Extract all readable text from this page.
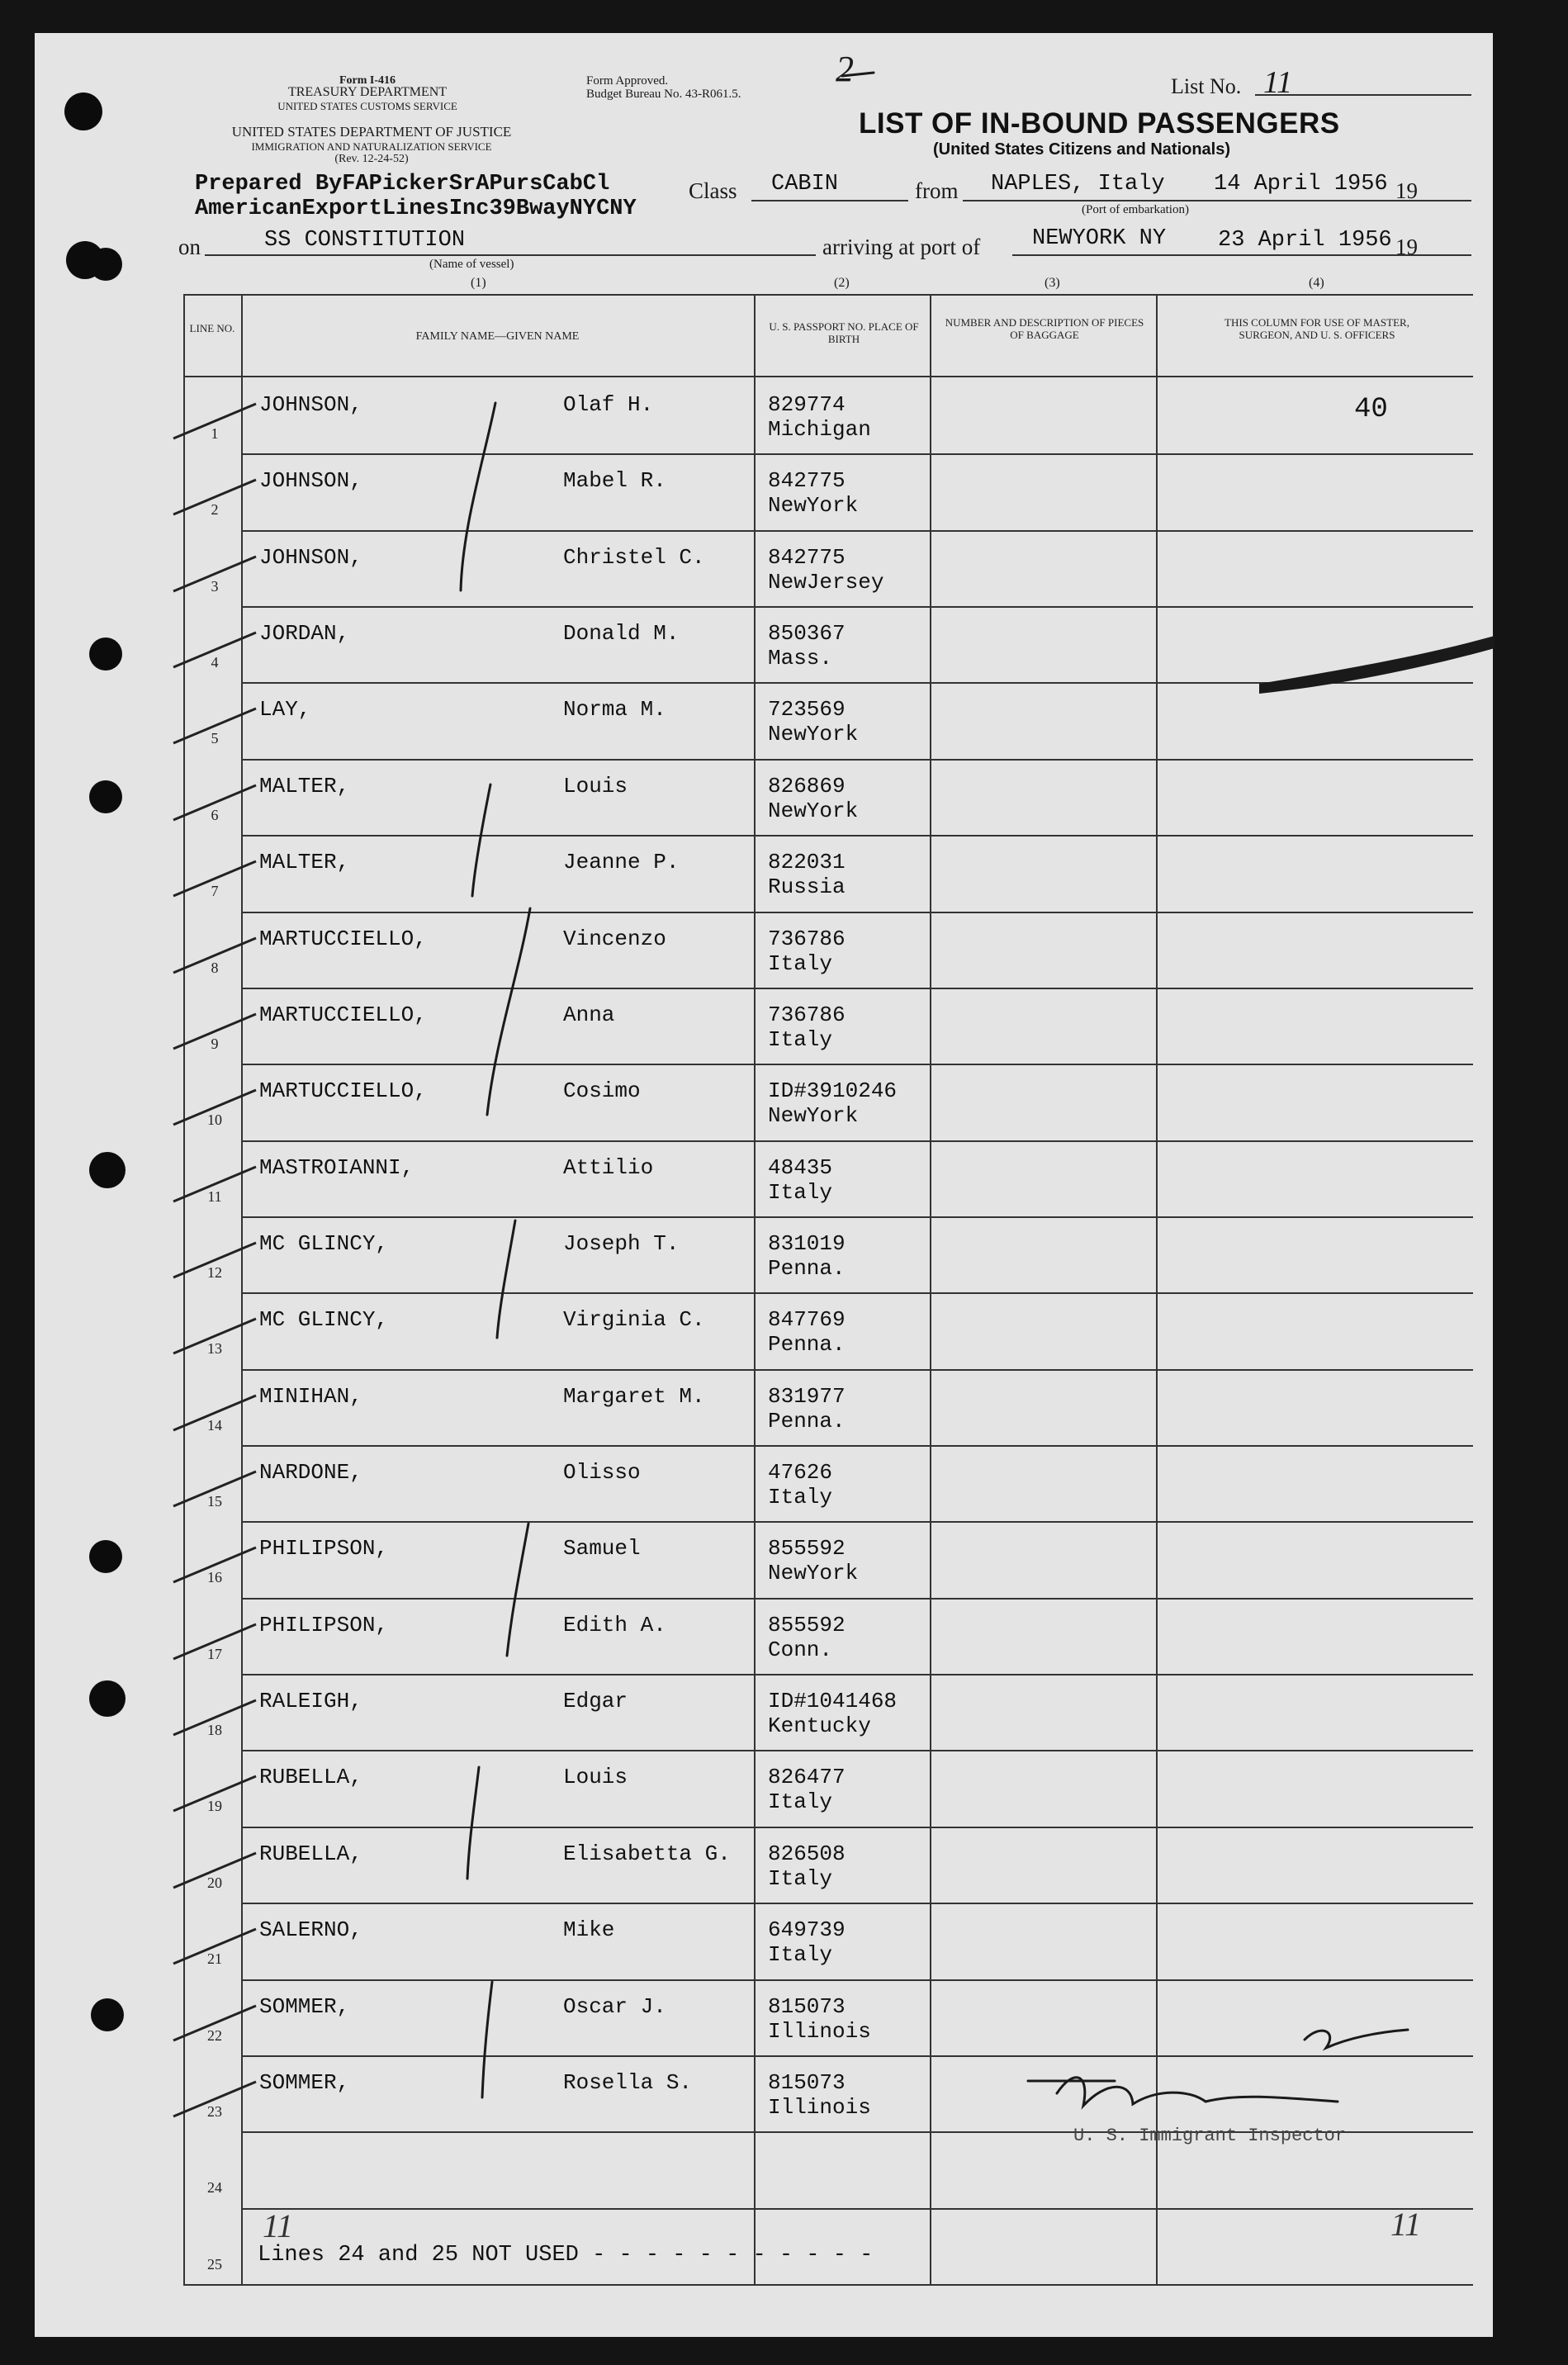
Form I-416
TREASURY DEPARTMENT
UNITED STATES CUSTOMS SERVICE
Form Approved.
Budget Bureau No. 43-R061.5.
2
UNITED STATES DEPARTMENT OF JUSTICE
IMMIGRATION AND NATURALIZATION SERVICE
(Rev. 12-24-52)
List No. 11
LIST OF IN-BOUND PASSENGERS
(United States Citizens and Nationals)
Prepared ByFAPickerSrAPursCabCl
AmericanExportLinesInc39BwayNYCNY
Class CABIN	from NAPLES, Italy 14 April 1956 19
(Port of embarkation)
on	SS CONSTITUTION
(Name of vessel)
arriving at port of NEWYORK NY 23 April 1956 19
(1)	(2)	(3)	(4)
LINE NO.
FAMILY NAME—GIVEN NAME
U. S. PASSPORT NO. PLACE OF BIRTH
NUMBER AND DESCRIPTION OF PIECES OF BAGGAGE
THIS COLUMN FOR USE OF MASTER, SURGEON, AND U. S. OFFICERS
1
JOHNSON,	Olaf H.	829774
Michigan
40
2
JOHNSON,	Mabel R.	842775
NewYork
3
JOHNSON,	Christel C.	842775
NewJersey
4
JORDAN,	Donald M.	850367
Mass.
5
LAY,	Norma M.	723569
NewYork
6
MALTER,	Louis	826869
NewYork
7
MALTER,	Jeanne P.	822031
Russia
8
MARTUCCIELLO,	Vincenzo	736786
Italy
9
MARTUCCIELLO,	Anna	736786
Italy
10
MARTUCCIELLO,	Cosimo	ID#3910246
NewYork
11
MASTROIANNI,	Attilio	48435
Italy
12
MC GLINCY,	Joseph T.	831019
Penna.
13
MC GLINCY,	Virginia C.	847769
Penna.
14
MINIHAN,	Margaret M.	831977
Penna.
15
NARDONE,	Olisso	47626
Italy
16
PHILIPSON,	Samuel	855592
NewYork
17
PHILIPSON,	Edith A.	855592
Conn.
18
RALEIGH,	Edgar	ID#1041468
Kentucky
19
RUBELLA,	Louis	826477
Italy
20
RUBELLA,	Elisabetta G. 826508
Italy
21
SALERNO,	Mike	649739
Italy
22
SOMMER,	Oscar J.	815073
Illinois
23
SOMMER,	Rosella S.	815073
Illinois
24
25	Lines 24 and 25 NOT USED - - - - - - - - - - -
U. S. Immigrant Inspector
11	11
